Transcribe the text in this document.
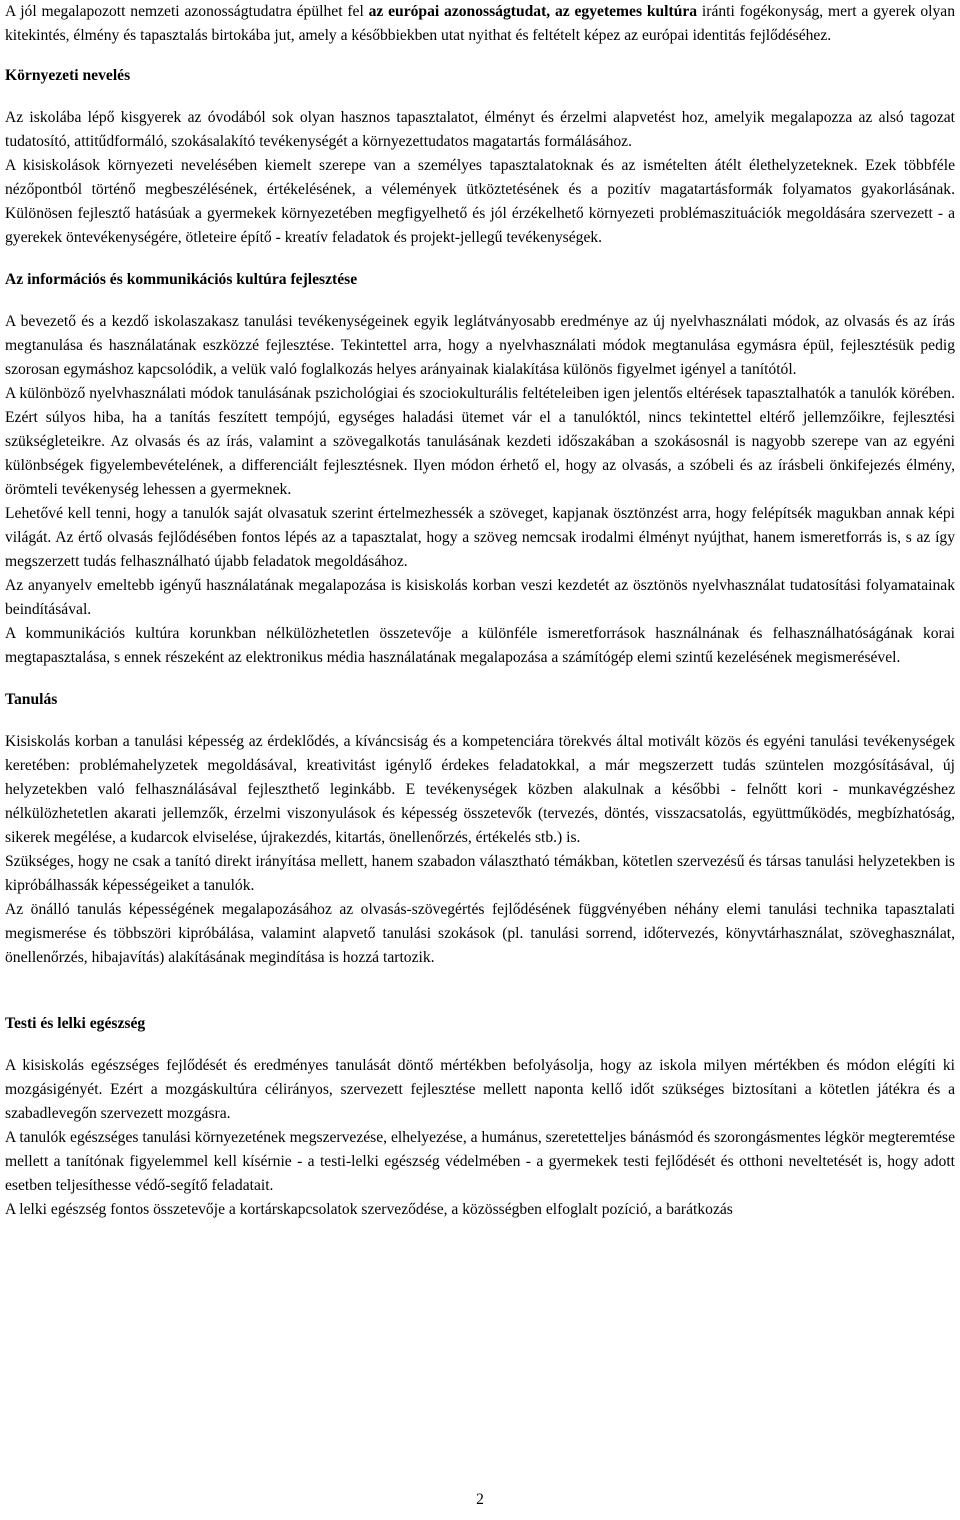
A jól megalapozott nemzeti azonosságtudatra épülhet fel az európai azonosságtudat, az egyetemes kultúra iránti fogékonyság, mert a gyerek olyan kitekintés, élmény és tapasztalás birtokába jut, amely a későbbiekben utat nyithat és feltételt képez az európai identitás fejlődéséhez.

Környezeti nevelés

Az iskolába lépő kisgyerek az óvodából sok olyan hasznos tapasztalatot, élményt és érzelmi alapvetést hoz, amelyik megalapozza az alsó tagozat tudatosító, attitűdformáló, szokásalakító tevékenységét a környezettudatos magatartás formálásához.

A kisiskolások környezeti nevelésében kiemelt szerepe van a személyes tapasztalatoknak és az ismételten átélt élethelyzeteknek. Ezek többféle nézőpontból történő megbeszélésének, értékelésének, a vélemények ütköztetésének és a pozitív magatartásformák folyamatos gyakorlásának. Különösen fejlesztő hatásúak a gyermekek környezetében megfigyelhető és jól érzékelhető környezeti problémaszituációk megoldására szervezett - a gyerekek öntevékenységére, ötleteire építő - kreatív feladatok és projekt-jellegű tevékenységek.

Az információs és kommunikációs kultúra fejlesztése

A bevezető és a kezdő iskolaszakasz tanulási tevékenységeinek egyik leglátványosabb eredménye az új nyelvhasználati módok, az olvasás és az írás megtanulása és használatának eszközzé fejlesztése. Tekintettel arra, hogy a nyelvhasználati módok megtanulása egymásra épül, fejlesztésük pedig szorosan egymáshoz kapcsolódik, a velük való foglalkozás helyes arányainak kialakítása különös figyelmet igényel a tanítótól.

A különböző nyelvhasználati módok tanulásának pszichológiai és szociokulturális feltételeiben igen jelentős eltérések tapasztalhatók a tanulók körében. Ezért súlyos hiba, ha a tanítás feszített tempójú, egységes haladási ütemet vár el a tanulóktól, nincs tekintettel eltérő jellemzőikre, fejlesztési szükségleteikre. Az olvasás és az írás, valamint a szövegalkotás tanulásának kezdeti időszakában a szokásosnál is nagyobb szerepe van az egyéni különbségek figyelembevételének, a differenciált fejlesztésnek. Ilyen módon érhető el, hogy az olvasás, a szóbeli és az írásbeli önkifejezés élmény, örömteli tevékenység lehessen a gyermeknek.

Lehetővé kell tenni, hogy a tanulók saját olvasatuk szerint értelmezhessék a szöveget, kapjanak ösztönzést arra, hogy felépítsék magukban annak képi világát. Az értő olvasás fejlődésében fontos lépés az a tapasztalat, hogy a szöveg nemcsak irodalmi élményt nyújthat, hanem ismeretforrás is, s az így megszerzett tudás felhasználható újabb feladatok megoldásához.

Az anyanyelv emeltebb igényű használatának megalapozása is kisiskolás korban veszi kezdetét az ösztönös nyelvhasználat tudatosítási folyamatainak beindításával.

A kommunikációs kultúra korunkban nélkülözhetetlen összetevője a különféle ismeretforrások használnának és felhasználhatóságának korai megtapasztalása, s ennek részeként az elektronikus média használatának megalapozása a számítógép elemi szintű kezelésének megismerésével.

Tanulás

Kisiskolás korban a tanulási képesség az érdeklődés, a kíváncsiság és a kompetenciára törekvés által motivált közös és egyéni tanulási tevékenységek keretében: problémahelyzetek megoldásával, kreativitást igénylő érdekes feladatokkal, a már megszerzett tudás szüntelen mozgósításával, új helyzetekben való felhasználásával fejleszthető leginkább. E tevékenységek közben alakulnak a későbbi - felnőtt kori - munkavégzéshez nélkülözhetetlen akarati jellemzők, érzelmi viszonyulások és képesség összetevők (tervezés, döntés, visszacsatolás, együttműködés, megbízhatóság, sikerek megélése, a kudarcok elviselése, újrakezdés, kitartás, önellenőrzés, értékelés stb.) is.

Szükséges, hogy ne csak a tanító direkt irányítása mellett, hanem szabadon választható témákban, kötetlen szervezésű és társas tanulási helyzetekben is kipróbálhassák képességeiket a tanulók.

Az önálló tanulás képességének megalapozásához az olvasás-szövegértés fejlődésének függvényében néhány elemi tanulási technika tapasztalati megismerése és többszöri kipróbálása, valamint alapvető tanulási szokások (pl. tanulási sorrend, időtervezés, könyvtárhasználat, szöveghasználat, önellenőrzés, hibajavítás) alakításának megindítása is hozzá tartozik.

Testi és lelki egészség

A kisiskolás egészséges fejlődését és eredményes tanulását döntő mértékben befolyásolja, hogy az iskola milyen mértékben és módon elégíti ki mozgásigényét. Ezért a mozgáskultúra célirányos, szervezett fejlesztése mellett naponta kellő időt szükséges biztosítani a kötetlen játékra és a szabadlevegőn szervezett mozgásra.

A tanulók egészséges tanulási környezetének megszervezése, elhelyezése, a humánus, szeretetteljes bánásmód és szorongásmentes légkör megteremtése mellett a tanítónak figyelemmel kell kísérnie - a testi-lelki egészség védelmében - a gyermekek testi fejlődését és otthoni neveltetését is, hogy adott esetben teljesíthesse védő-segítő feladatait.

A lelki egészség fontos összetevője a kortárskapcsolatok szerveződése, a közösségben elfoglalt pozíció, a barátkozás

2
